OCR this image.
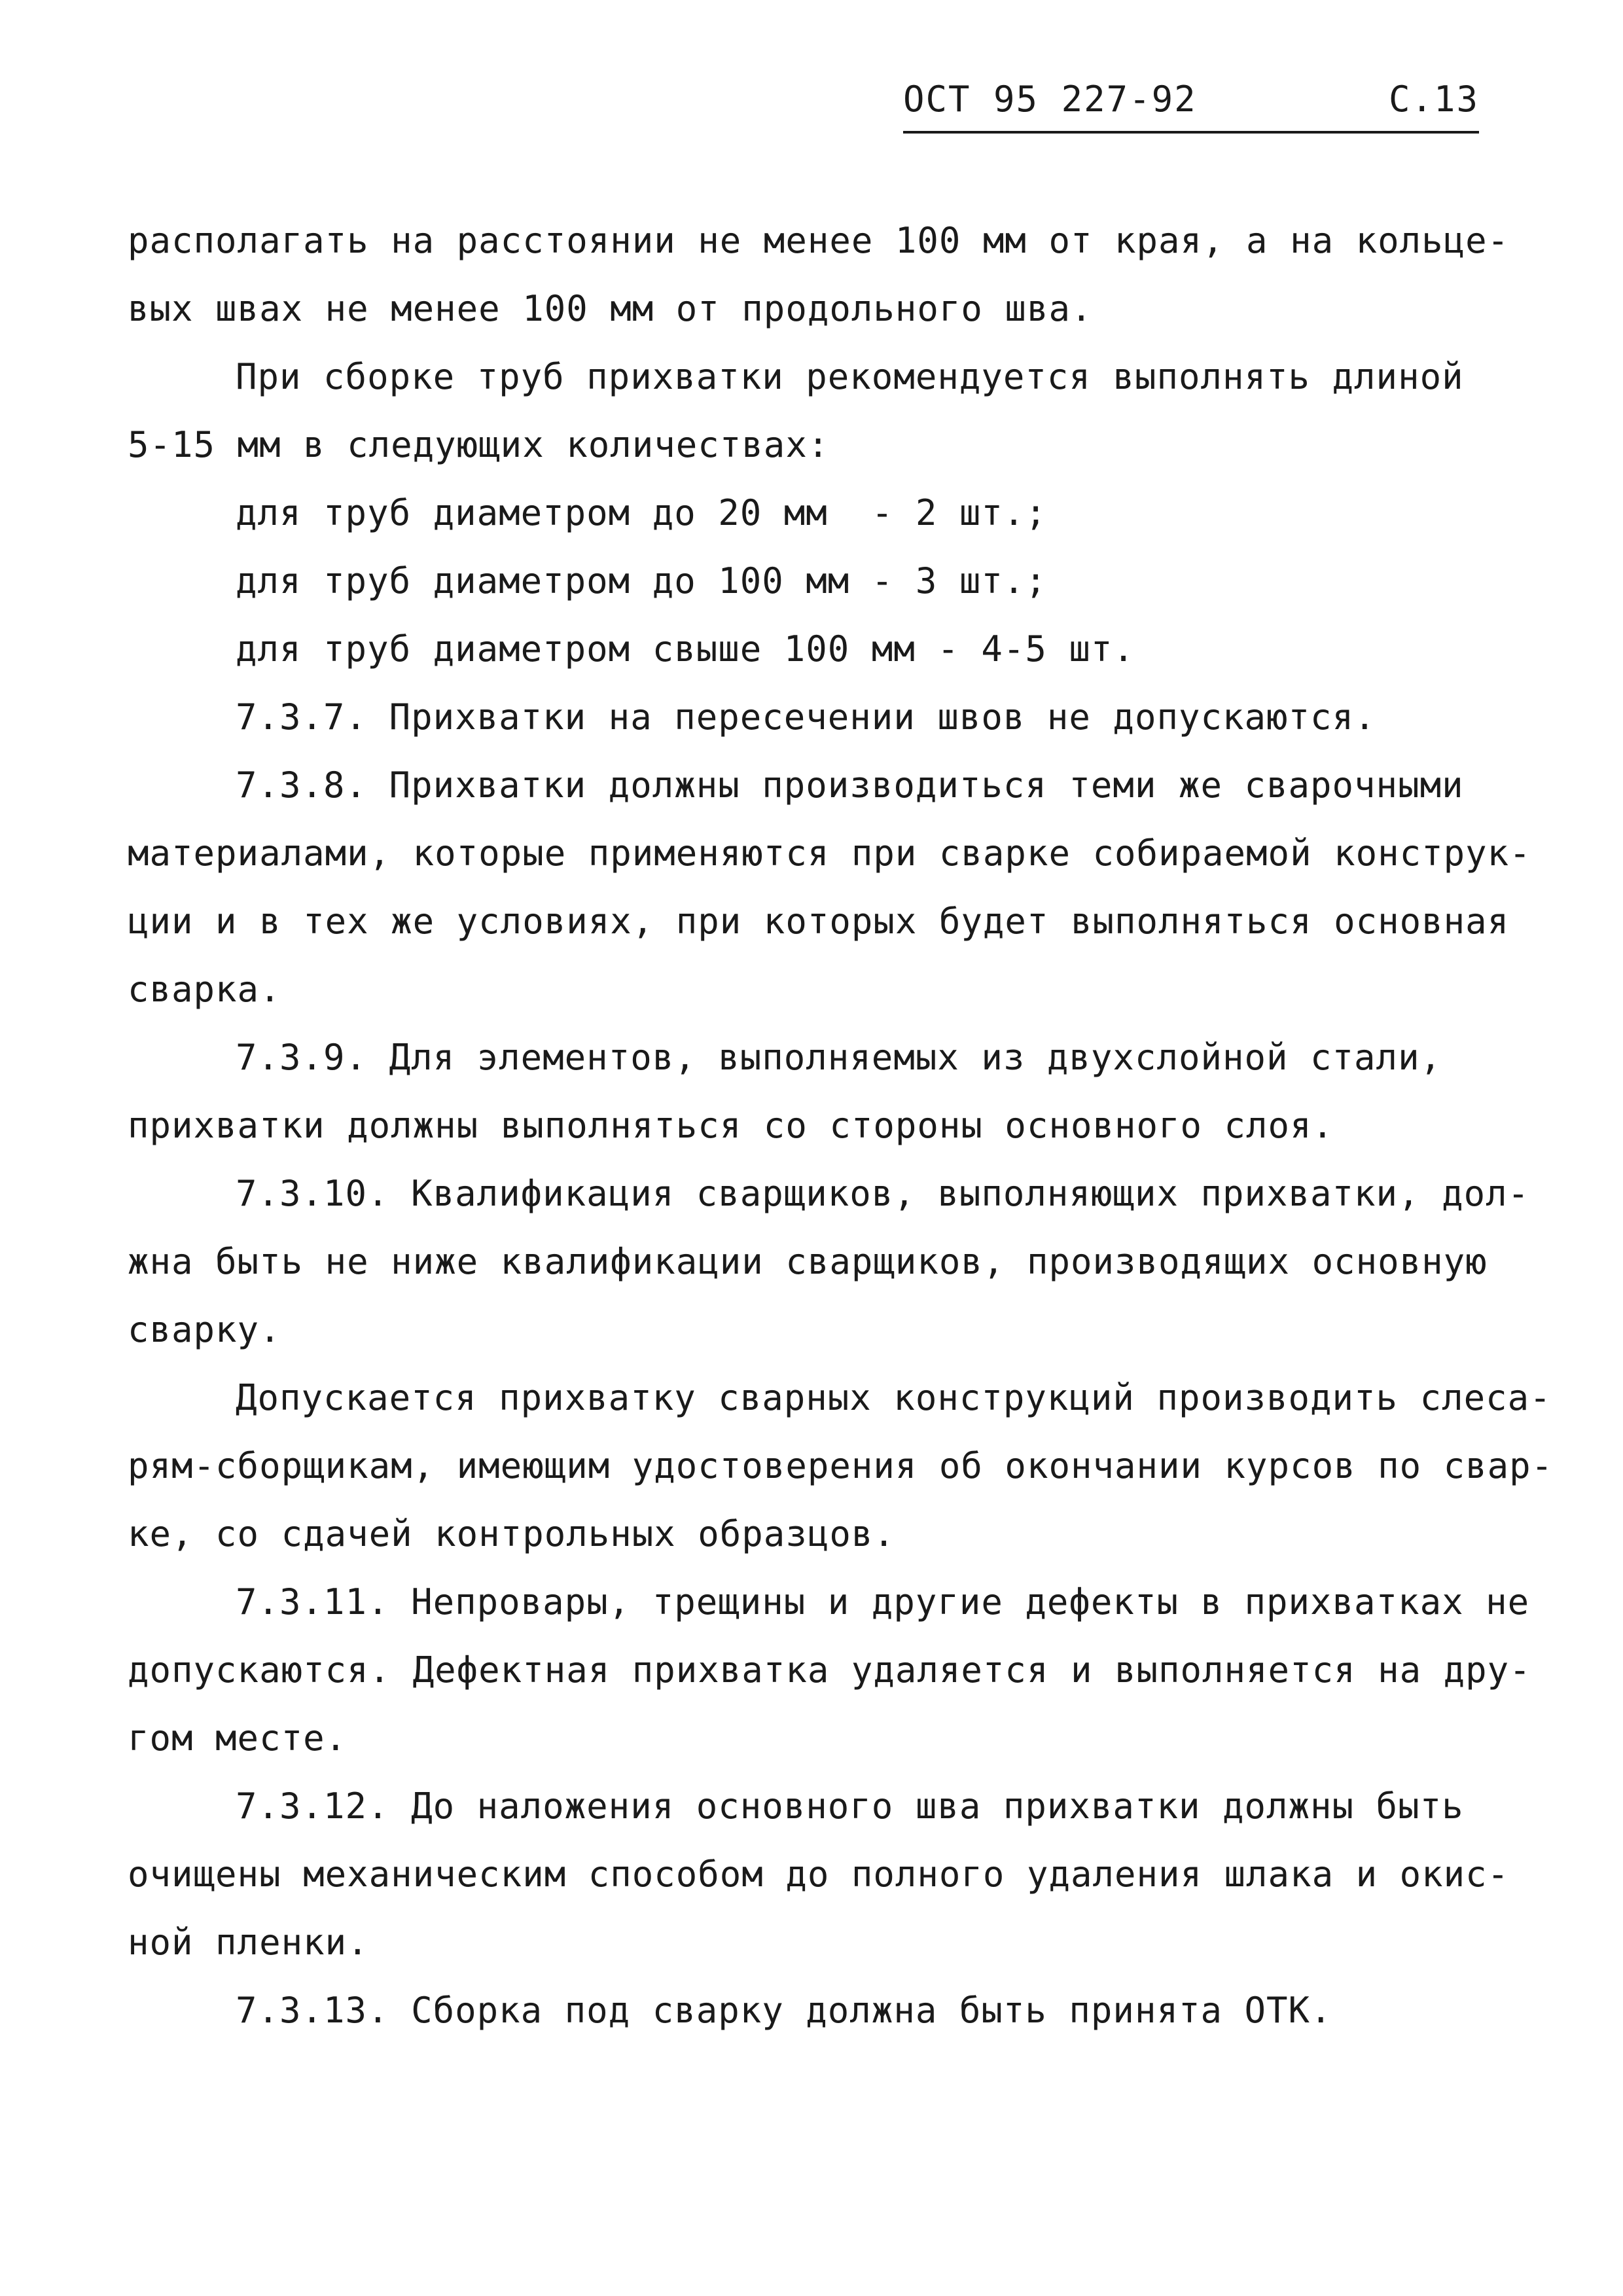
ОСТ 95 227-92	С.13

располагать на расстоянии не менее 100 мм от края, а на кольце-

вых швах не менее 100 мм от продольного шва.

При сборке труб прихватки рекомендуется выполнять длиной

5-15 мм в следующих количествах:

для труб диаметром до 20 мм  - 2 шт.;

для труб диаметром до 100 мм - 3 шт.;

для труб диаметром свыше 100 мм - 4-5 шт.

7.3.7. Прихватки на пересечении швов не допускаются.

7.3.8. Прихватки должны производиться теми же сварочными

материалами, которые применяются при сварке собираемой конструк-

ции и в тех же условиях, при которых будет выполняться основная

сварка.

7.3.9. Для элементов, выполняемых из двухслойной стали,

прихватки должны выполняться со стороны основного слоя.

7.3.10. Квалификация сварщиков, выполняющих прихватки, дол-

жна быть не ниже квалификации сварщиков, производящих основную

сварку.

Допускается прихватку сварных конструкций производить слеса-

рям-сборщикам, имеющим удостоверения об окончании курсов по свар-

ке, со сдачей контрольных образцов.

7.3.11. Непровары, трещины и другие дефекты в прихватках не

допускаются. Дефектная прихватка удаляется и выполняется на дру-

гом месте.

7.3.12. До наложения основного шва прихватки должны быть

очищены механическим способом до полного удаления шлака и окис-

ной пленки.

7.3.13. Сборка под сварку должна быть принята ОТК.
